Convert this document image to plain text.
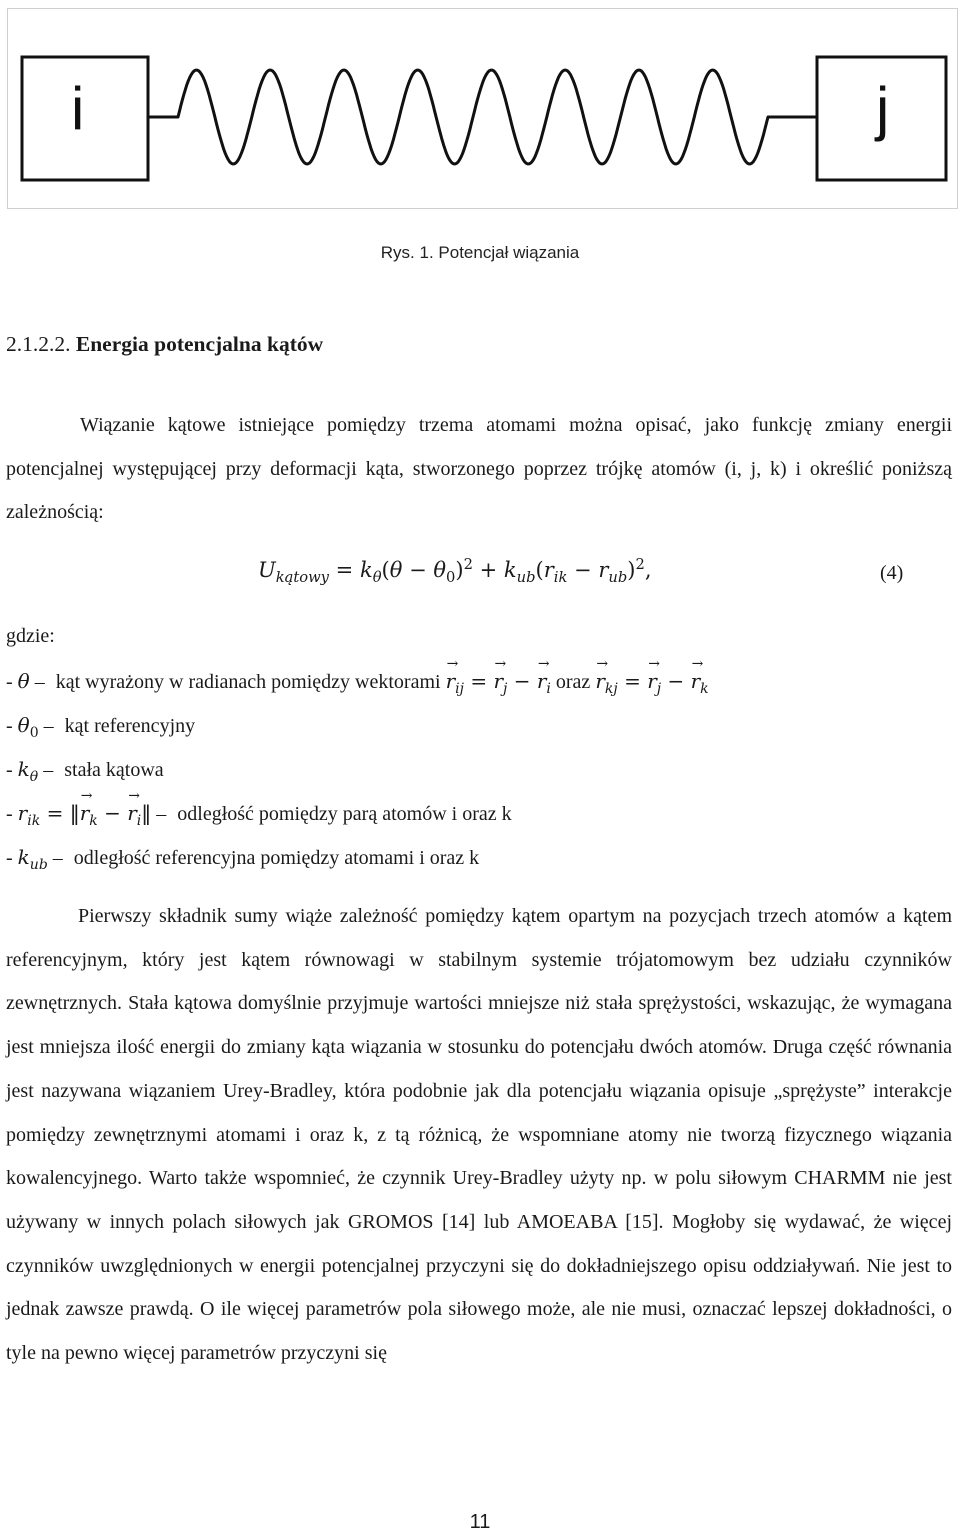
i	j
Rys. 1. Potencjał wiązania
2.1.2.2. Energia potencjalna kątów
Wiązanie kątowe istniejące pomiędzy trzema atomami można opisać, jako funkcję zmiany energii potencjalnej występującej przy deformacji kąta, stworzonego poprzez trójkę atomów (i, j, k) i określić poniższą zależnością:
$U_{kątowy} = k_\theta(\theta - \theta_0)^2 + k_{ub}(r_{ik} - r_{ub})^2$,	(4)
gdzie:
- θ – kąt wyrażony w radianach pomiędzy wektorami → $r_{ij}$ = → $r_j$ − → $r_i$ oraz → $r_{kj}$ = → $r_j$ − → $r_k$
- $\theta_0$ – kąt referencyjny
- $k_\theta$ – stała kątowa
- $r_{ik}$ = ‖→ $r_k$ − → $r_i‖$ – odległość pomiędzy parą atomów i oraz k
- $k_{ub}$ – odległość referencyjna pomiędzy atomami i oraz k
Pierwszy składnik sumy wiąże zależność pomiędzy kątem opartym na pozycjach trzech atomów a kątem referencyjnym, który jest kątem równowagi w stabilnym systemie trójatomowym bez udziału czynników zewnętrznych. Stała kątowa domyślnie przyjmuje wartości mniejsze niż stała sprężystości, wskazując, że wymagana jest mniejsza ilość energii do zmiany kąta wiązania w stosunku do potencjału dwóch atomów. Druga część równania jest nazywana wiązaniem Urey-Bradley, która podobnie jak dla potencjału wiązania opisuje „sprężyste” interakcje pomiędzy zewnętrznymi atomami i oraz k, z tą różnicą, że wspomniane atomy nie tworzą fizycznego wiązania kowalencyjnego. Warto także wspomnieć, że czynnik Urey-Bradley użyty np. w polu siłowym CHARMM nie jest używany w innych polach siłowych jak GROMOS [14] lub AMOEABA [15]. Mogłoby się wydawać, że więcej czynników uwzględnionych w energii potencjalnej przyczyni się do dokładniejszego opisu oddziaływań. Nie jest to jednak zawsze prawdą. O ile więcej parametrów pola siłowego może, ale nie musi, oznaczać lepszej dokładności, o tyle na pewno więcej parametrów przyczyni się
11
